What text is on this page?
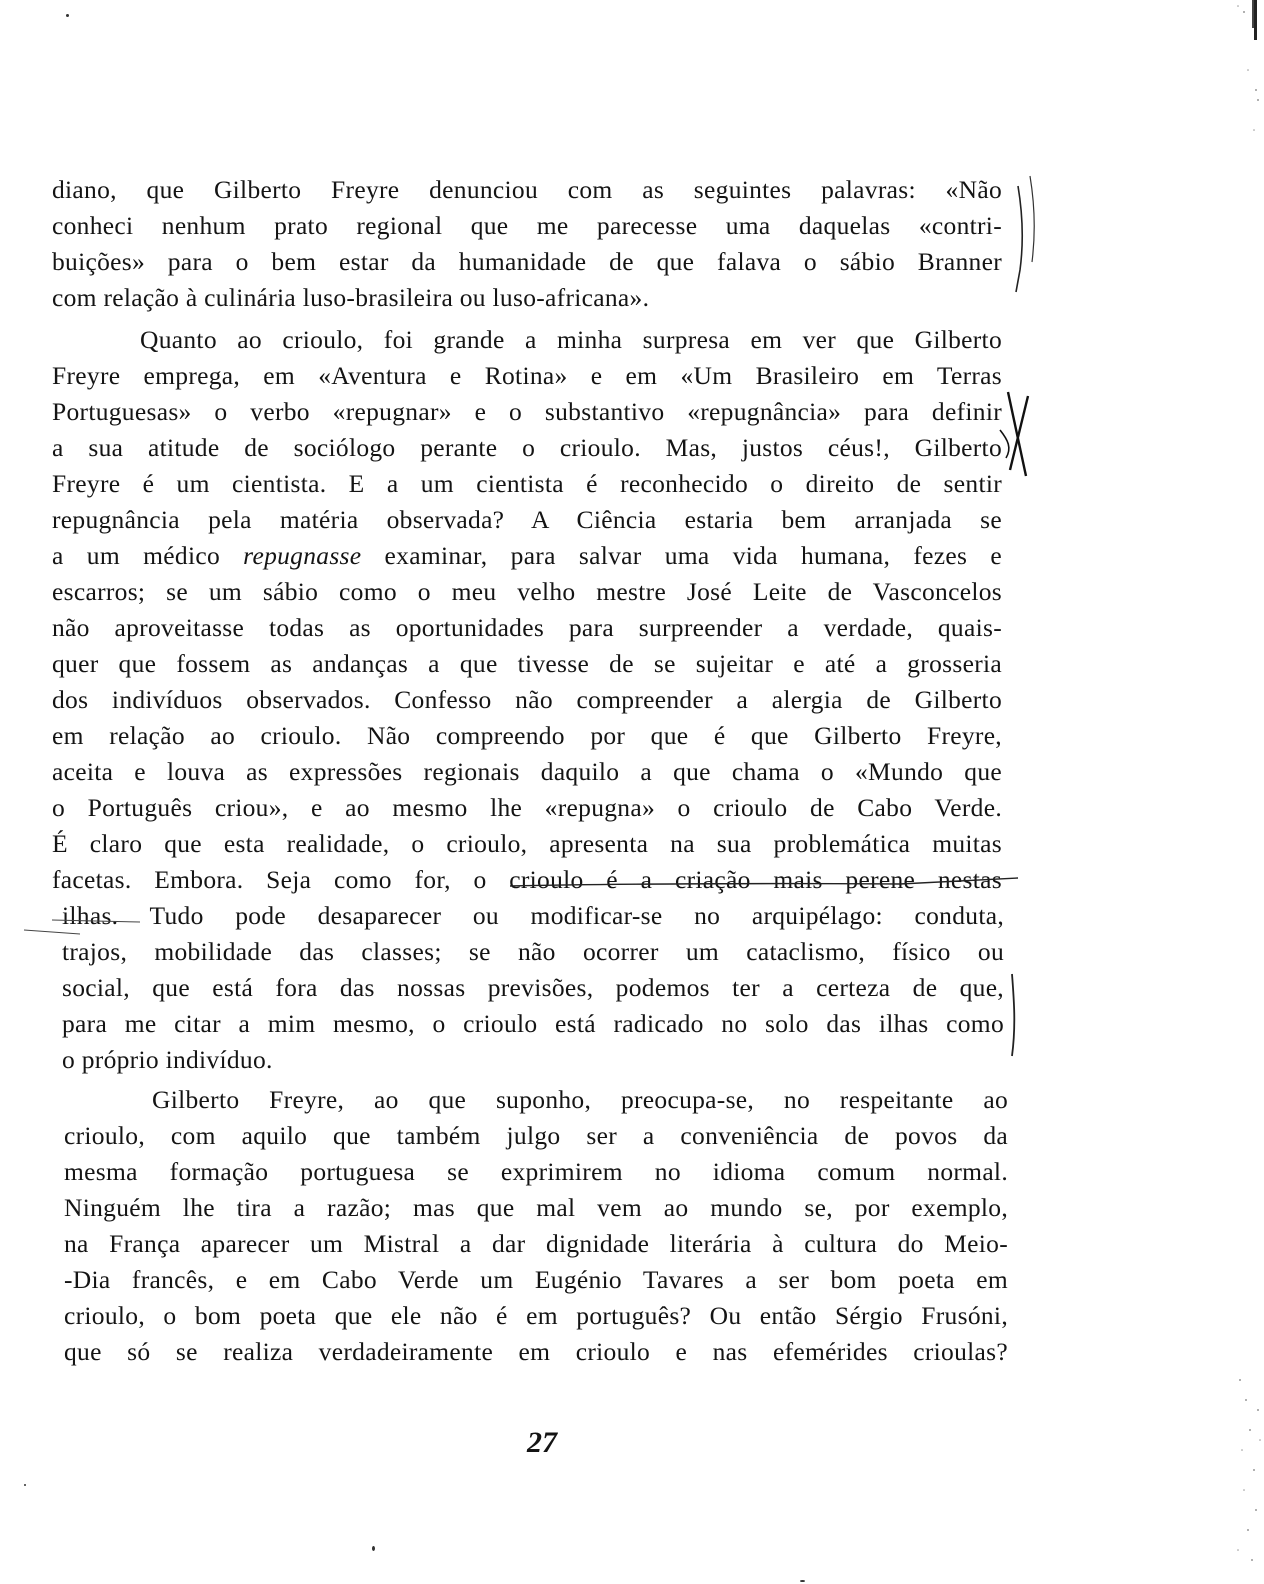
diano, que Gilberto Freyre denunciou com as seguintes palavras: «Não
conheci nenhum prato regional que me parecesse uma daquelas «contri-
buições» para o bem estar da humanidade de que falava o sábio Branner
com relação à culinária luso-brasileira ou luso-africana».
Quanto ao crioulo, foi grande a minha surpresa em ver que Gilberto
Freyre emprega, em «Aventura e Rotina» e em «Um Brasileiro em Terras
Portuguesas» o verbo «repugnar» e o substantivo «repugnância» para definir
a sua atitude de sociólogo perante o crioulo. Mas, justos céus!, Gilberto
Freyre é um cientista. E a um cientista é reconhecido o direito de sentir
repugnância pela matéria observada? A Ciência estaria bem arranjada se
a um médico repugnasse examinar, para salvar uma vida humana, fezes e
escarros; se um sábio como o meu velho mestre José Leite de Vasconcelos
não aproveitasse todas as oportunidades para surpreender a verdade, quais-
quer que fossem as andanças a que tivesse de se sujeitar e até a grosseria
dos indivíduos observados. Confesso não compreender a alergia de Gilberto
em relação ao crioulo. Não compreendo por que é que Gilberto Freyre,
aceita e louva as expressões regionais daquilo a que chama o «Mundo que
o Português criou», e ao mesmo lhe «repugna» o crioulo de Cabo Verde.
É claro que esta realidade, o crioulo, apresenta na sua problemática muitas
facetas. Embora. Seja como for, o crioulo é a criação mais perene nestas
ilhas. Tudo pode desaparecer ou modificar-se no arquipélago: conduta,
trajos, mobilidade das classes; se não ocorrer um cataclismo, físico ou
social, que está fora das nossas previsões, podemos ter a certeza de que,
para me citar a mim mesmo, o crioulo está radicado no solo das ilhas como
o próprio indivíduo.
Gilberto Freyre, ao que suponho, preocupa-se, no respeitante ao
crioulo, com aquilo que também julgo ser a conveniência de povos da
mesma formação portuguesa se exprimirem no idioma comum normal.
Ninguém lhe tira a razão; mas que mal vem ao mundo se, por exemplo,
na França aparecer um Mistral a dar dignidade literária à cultura do Meio-
-Dia francês, e em Cabo Verde um Eugénio Tavares a ser bom poeta em
crioulo, o bom poeta que ele não é em português? Ou então Sérgio Frusóni,
que só se realiza verdadeiramente em crioulo e nas efemérides crioulas?
27
